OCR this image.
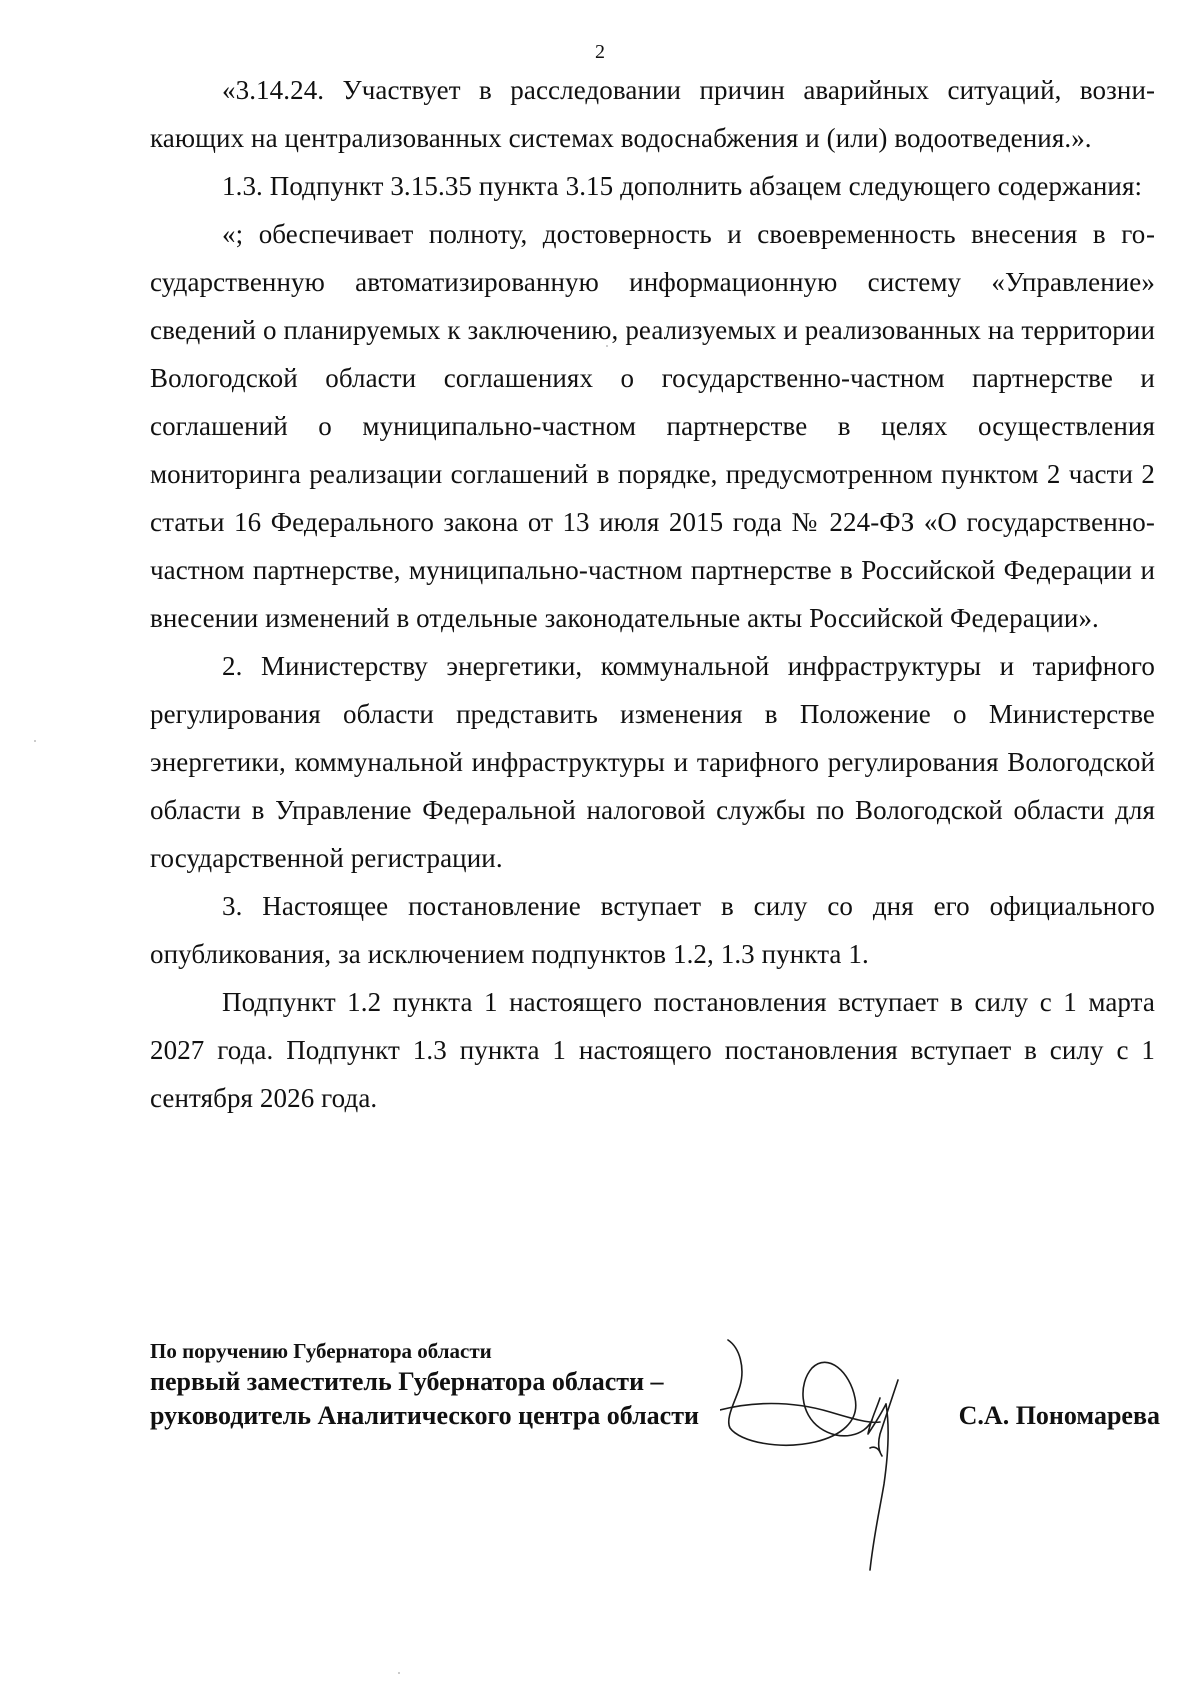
2

«3.14.24. Участвует в расследовании причин аварийных ситуаций, возникающих на централизованных системах водоснабжения и (или) водоотведения.».

1.3. Подпункт 3.15.35 пункта 3.15 дополнить абзацем следующего содержания:

«; обеспечивает полноту, достоверность и своевременность внесения в государственную автоматизированную информационную систему «Управление» сведений о планируемых к заключению, реализуемых и реализованных на территории Вологодской области соглашениях о государственно-частном партнерстве и соглашений о муниципально-частном партнерстве в целях осуществления мониторинга реализации соглашений в порядке, предусмотренном пунктом 2 части 2 статьи 16 Федерального закона от 13 июля 2015 года № 224-ФЗ «О государственно-частном партнерстве, муниципально-частном партнерстве в Российской Федерации и внесении изменений в отдельные законодательные акты Российской Федерации».

2. Министерству энергетики, коммунальной инфраструктуры и тарифного регулирования области представить изменения в Положение о Министерстве энергетики, коммунальной инфраструктуры и тарифного регулирования Вологодской области в Управление Федеральной налоговой службы по Вологодской области для государственной регистрации.

3. Настоящее постановление вступает в силу со дня его официального опубликования, за исключением подпунктов 1.2, 1.3 пункта 1.

Подпункт 1.2 пункта 1 настоящего постановления вступает в силу с 1 марта 2027 года. Подпункт 1.3 пункта 1 настоящего постановления вступает в силу с 1 сентября 2026 года.

По поручению Губернатора области
первый заместитель Губернатора области –
руководитель Аналитического центра области	С.А. Пономарева
